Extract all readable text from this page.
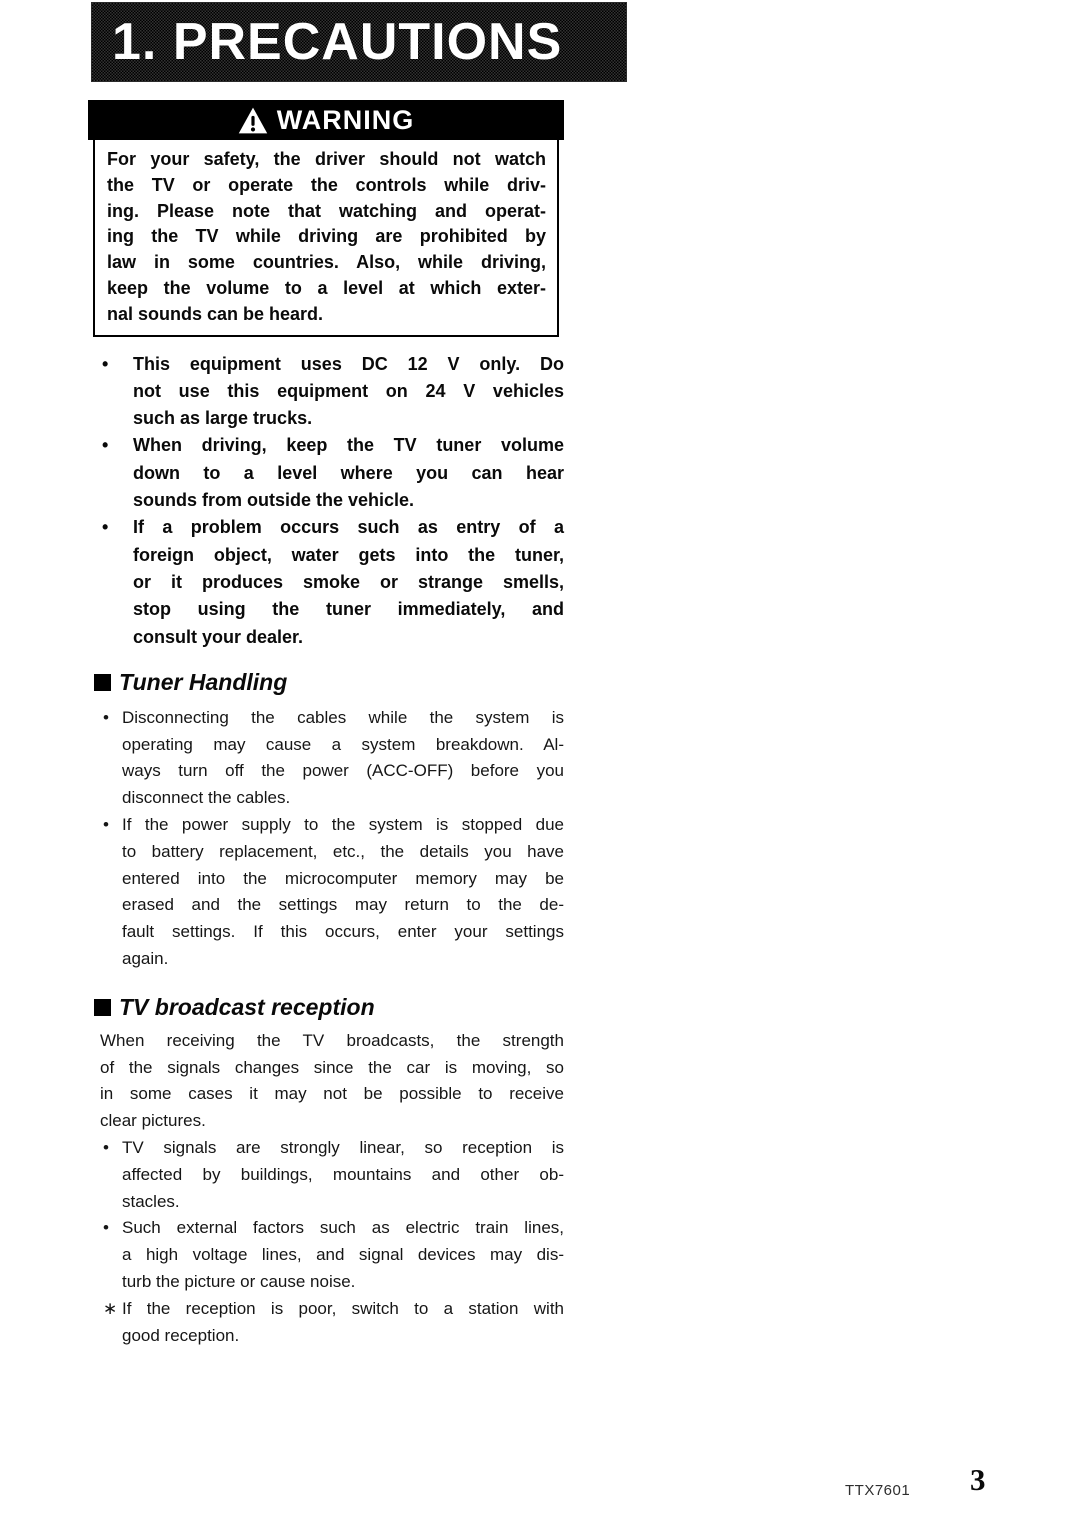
1. PRECAUTIONS
WARNING
For your safety, the driver should not watch
the TV or operate the controls while driv-
ing. Please note that watching and operat-
ing the TV while driving are prohibited by
law in some countries. Also, while driving,
keep the volume to a level at which exter-
nal sounds can be heard.
•	This equipment uses DC 12 V only. Do
not use this equipment on 24 V vehicles
such as large trucks.
•	When driving, keep the TV tuner volume
down to a level where you can hear
sounds from outside the vehicle.
•	If a problem occurs such as entry of a
foreign object, water gets into the tuner,
or it produces smoke or strange smells,
stop using the tuner immediately, and
consult your dealer.
Tuner Handling
• Disconnecting the cables while the system is
operating may cause a system breakdown. Al-
ways turn off the power (ACC-OFF) before you
disconnect the cables.
• If the power supply to the system is stopped due
to battery replacement, etc., the details you have
entered into the microcomputer memory may be
erased and the settings may return to the de-
fault settings. If this occurs, enter your settings
again.
TV broadcast reception
When receiving the TV broadcasts, the strength
of the signals changes since the car is moving, so
in some cases it may not be possible to receive
clear pictures.
• TV signals are strongly linear, so reception is
affected by buildings, mountains and other ob-
stacles.
• Such external factors such as electric train lines,
a high voltage lines, and signal devices may dis-
turb the picture or cause noise.
∗ If the reception is poor, switch to a station with
good reception.
TTX7601 3
